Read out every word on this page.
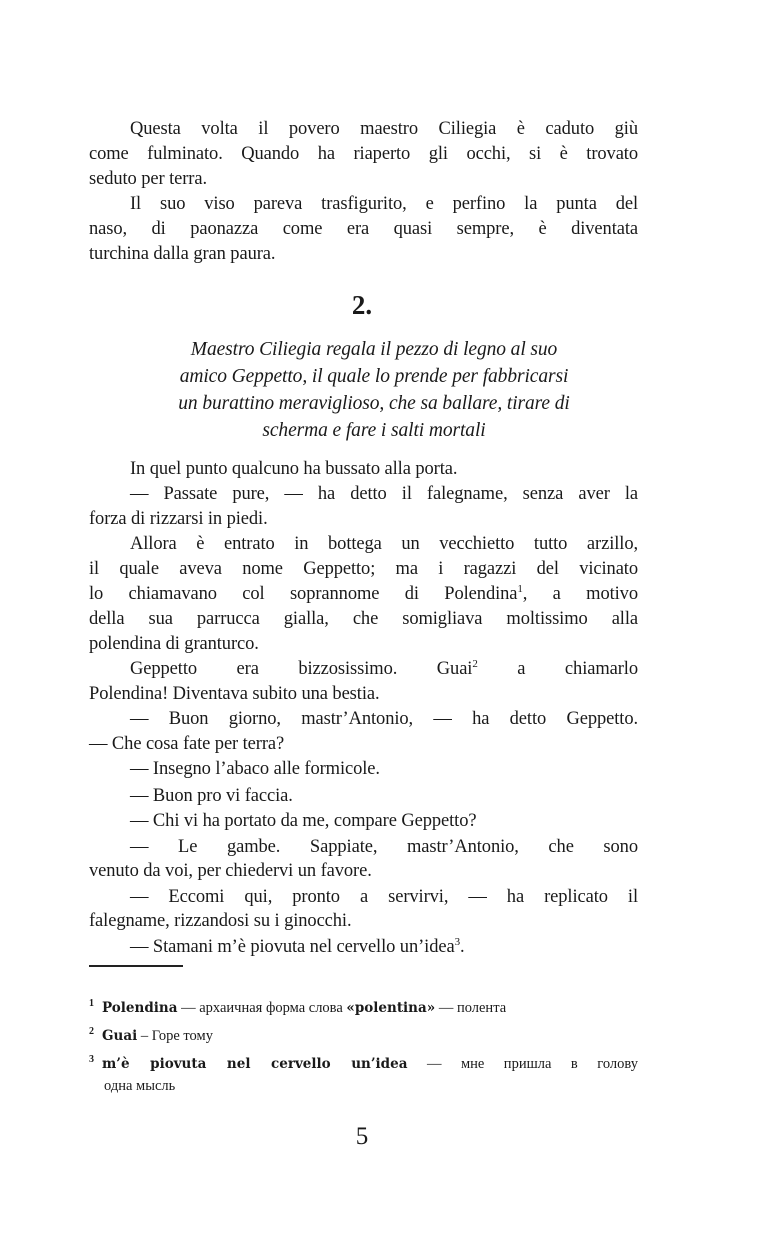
Questa volta il povero maestro Ciliegia è caduto giù
come fulminato. Quando ha riaperto gli occhi, si è trovato
seduto per terra.
Il suo viso pareva trasfigurito, e perfino la punta del
naso, di paonazza come era quasi sempre, è diventata
turchina dalla gran paura.
2.
Maestro Ciliegia regala il pezzo di legno al suo
amico Geppetto, il quale lo prende per fabbricarsi
un burattino meraviglioso, che sa ballare, tirare di
scherma e fare i salti mortali
In quel punto qualcuno ha bussato alla porta.
— Passate pure, — ha detto il falegname, senza aver la
forza di rizzarsi in piedi.
Allora è entrato in bottega un vecchietto tutto arzillo,
il quale aveva nome Geppetto; ma i ragazzi del vicinato
lo chiamavano col soprannome di Polendina$^1$, a motivo
della sua parrucca gialla, che somigliava moltissimo alla
polendina di granturco.
Geppetto era bizzosissimo. Guai$^2$ a chiamarlo
Polendina! Diventava subito una bestia.
— Buon giorno, mastr’Antonio, — ha detto Geppetto.
— Che cosa fate per terra?
— Insegno l’abaco alle formicole.
— Buon pro vi faccia.
— Chi vi ha portato da me, compare Geppetto?
— Le gambe. Sappiate, mastr’Antonio, che sono
venuto da voi, per chiedervi un favore.
— Eccomi qui, pronto a servirvi, — ha replicato il
falegname, rizzandosi su i ginocchi.
— Stamani m’è piovuta nel cervello un’idea$^3$.
$^1$ Polendina — архаичная форма слова «polentina» — полента
$^2$ Guai – Горе тому
$^3$ m’è piovuta nel cervello un’idea — мне пришла в голову
одна мысль
5
